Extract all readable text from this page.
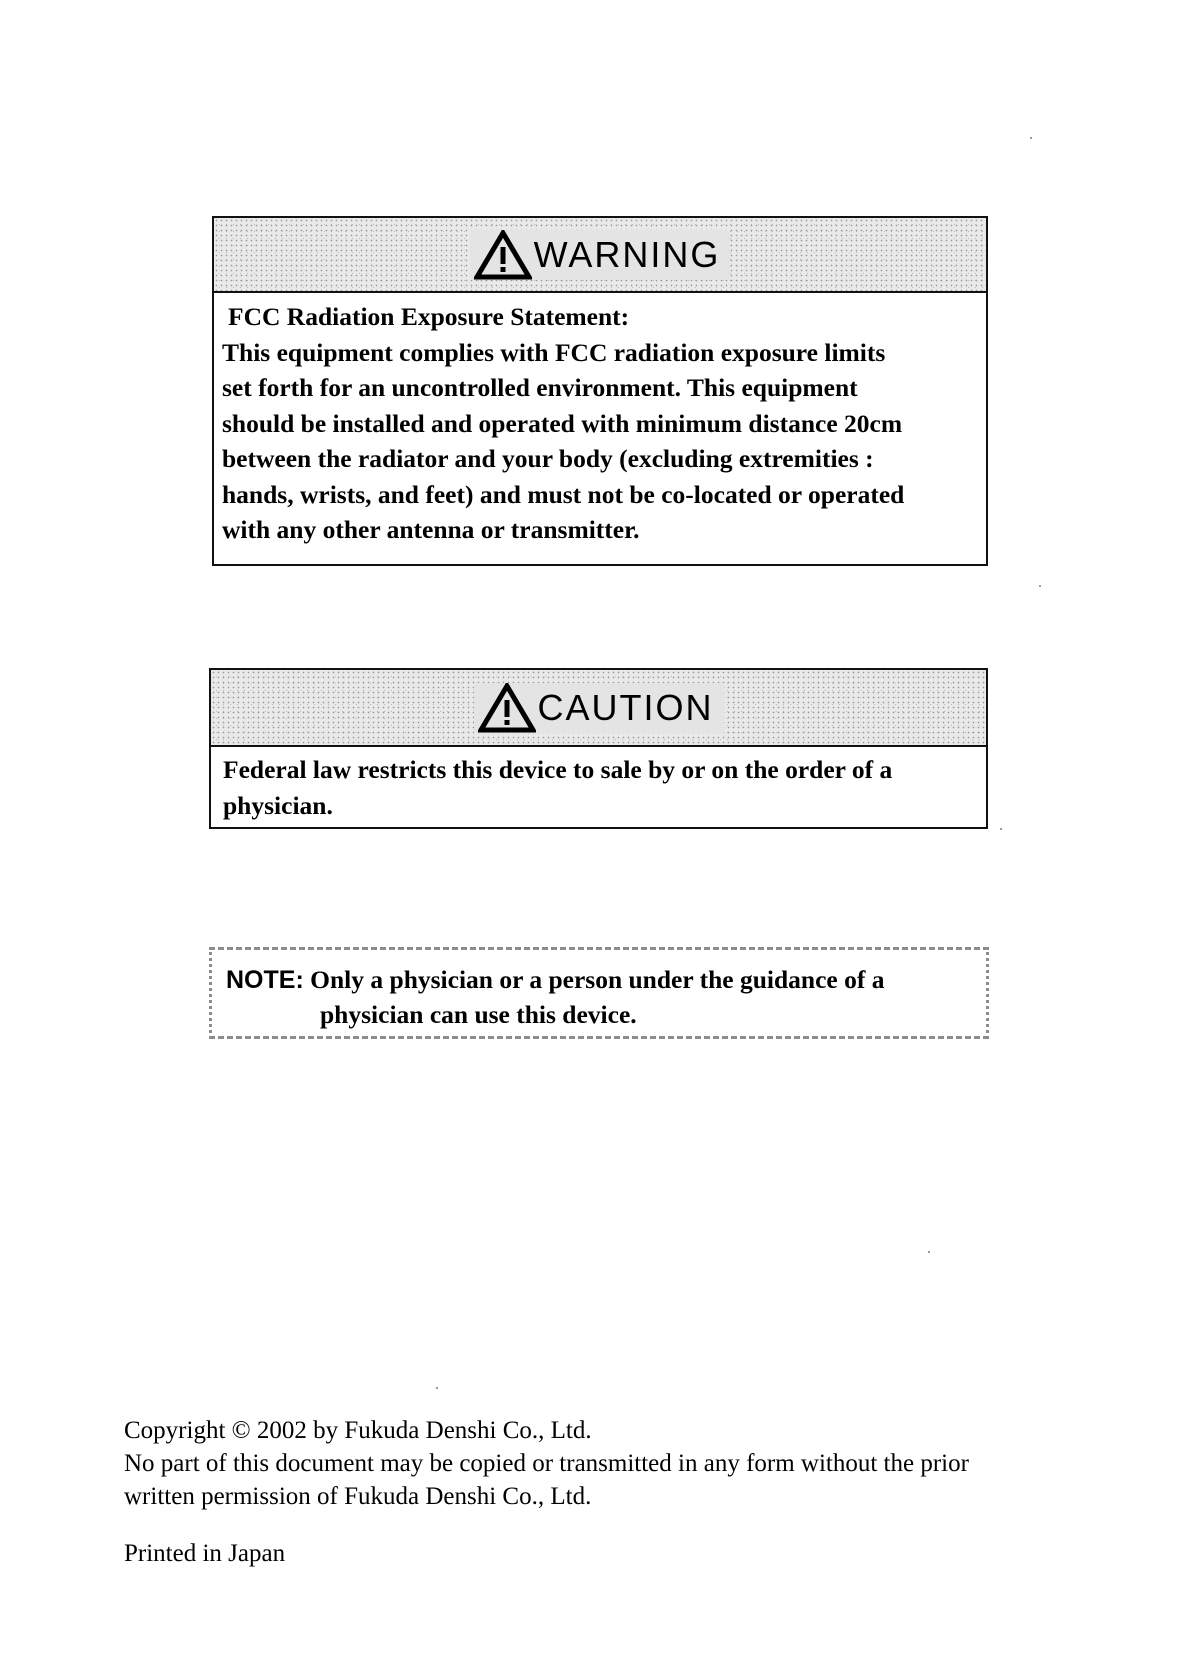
WARNING
FCC Radiation Exposure Statement:
This equipment complies with FCC radiation exposure limits
set forth for an uncontrolled environment. This equipment
should be installed and operated with minimum distance 20cm
between the radiator and your body (excluding extremities :
hands, wrists, and feet) and must not be co-located or operated
with any other antenna or transmitter.
CAUTION
Federal law restricts this device to sale by or on the order of a
physician.
NOTE: Only a physician or a person under the guidance of a
physician can use this device.
Copyright © 2002 by Fukuda Denshi Co., Ltd.
No part of this document may be copied or transmitted in any form without the prior
written permission of Fukuda Denshi Co., Ltd.
Printed in Japan
